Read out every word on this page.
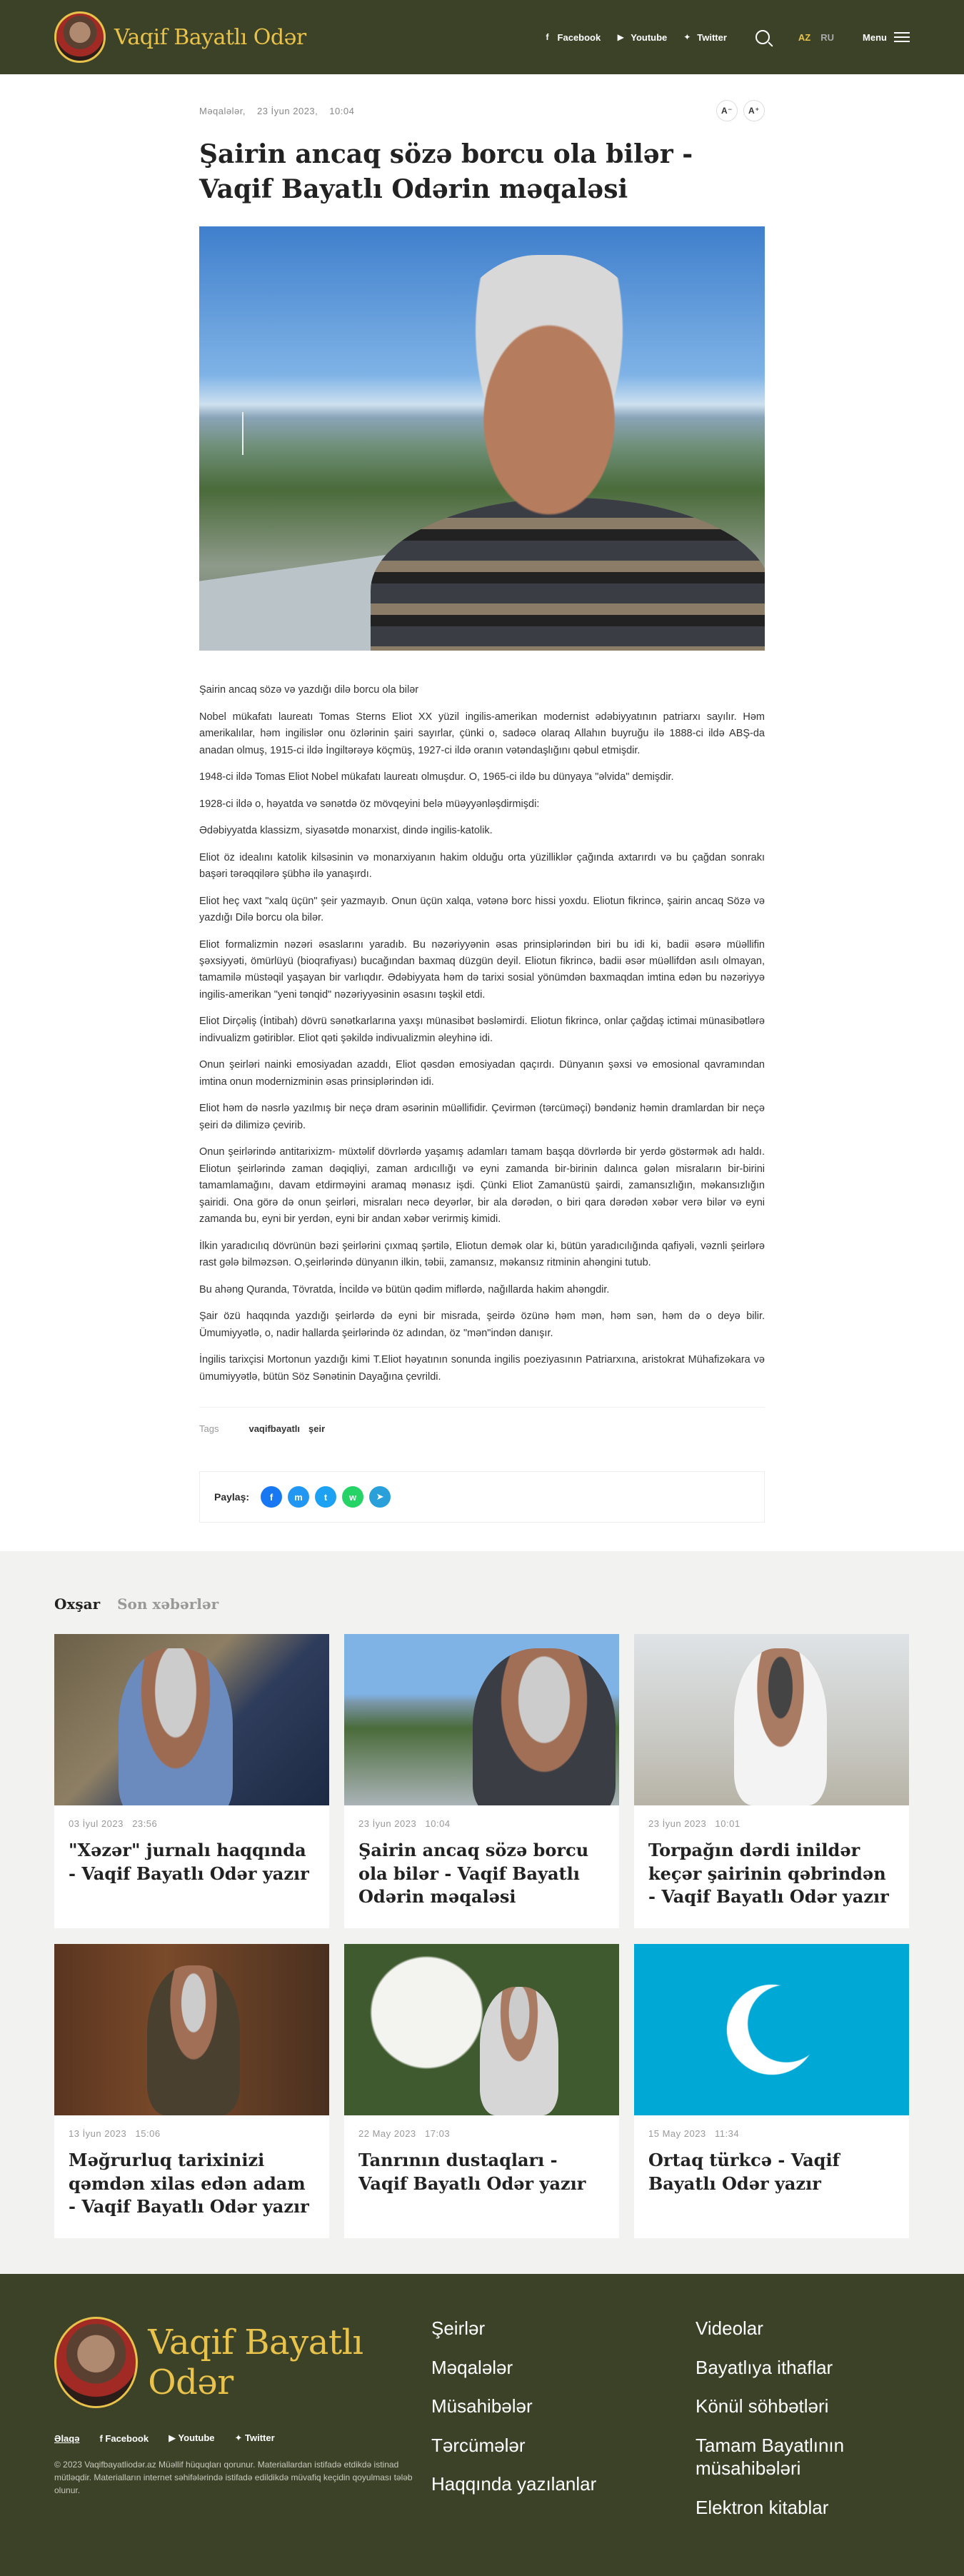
Vaqif Bayatlı Odər	f Facebook ▶ Youtube ✦ Twitter	AZ RU	Menu
Məqalələr, 23 İyun 2023, 10:04	A⁻	A⁺
Şairin ancaq sözə borcu ola bilər - Vaqif Bayatlı Odərin məqaləsi

Şairin ancaq sözə və yazdığı dilə borcu ola bilər

Nobel mükafatı laureatı Tomas Sterns Eliot XX yüzil ingilis-amerikan modernist ədəbiyyatının patriarxı sayılır. Həm amerikalılar, həm ingilislər onu özlərinin şairi sayırlar, çünki o, sadəcə olaraq Allahın buyruğu ilə 1888-ci ildə ABŞ-da anadan olmuş, 1915-ci ildə İngiltərəyə köçmüş, 1927-ci ildə oranın vətəndaşlığını qəbul etmişdir.

1948-ci ildə Tomas Eliot Nobel mükafatı laureatı olmuşdur. O, 1965-ci ildə bu dünyaya "əlvida" demişdir.

1928-ci ildə o, həyatda və sənətdə öz mövqeyini belə müəyyənləşdirmişdi:

Ədəbiyyatda klassizm, siyasətdə monarxist, dində ingilis-katolik.

Eliot öz idealını katolik kilsəsinin və monarxiyanın hakim olduğu orta yüzilliklər çağında axtarırdı və bu çağdan sonrakı başəri tərəqqilərə şübhə ilə yanaşırdı.

Eliot heç vaxt "xalq üçün" şeir yazmayıb. Onun üçün xalqa, vətənə borc hissi yoxdu. Eliotun fikrincə, şairin ancaq Sözə və yazdığı Dilə borcu ola bilər.

Eliot formalizmin nəzəri əsaslarını yaradıb. Bu nəzəriyyənin əsas prinsiplərindən biri bu idi ki, badii əsərə müəllifin şəxsiyyəti, ömürlüyü (bioqrafiyası) bucağından baxmaq düzgün deyil. Eliotun fikrincə, badii əsər müəllifdən asılı olmayan, tamamilə müstəqil yaşayan bir varlıqdır. Ədəbiyyata həm də tarixi sosial yönümdən baxmaqdan imtina edən bu nəzəriyyə ingilis-amerikan "yeni tənqid" nəzəriyyəsinin əsasını təşkil etdi.

Eliot Dirçəliş (İntibah) dövrü sənətkarlarına yaxşı münasibət bəsləmirdi. Eliotun fikrincə, onlar çağdaş ictimai münasibətlərə indivualizm gətiriblər. Eliot qəti şəkildə indivualizmin əleyhinə idi.

Onun şeirləri nainki emosiyadan azaddı, Eliot qəsdən emosiyadan qaçırdı. Dünyanın şəxsi və emosional qavramından imtina onun modernizminin əsas prinsiplərindən idi.

Eliot həm də nəsrlə yazılmış bir neçə dram əsərinin müəllifidir. Çevirmən (tərcüməçi) bəndəniz həmin dramlardan bir neçə şeiri də dilimizə çevirib.

Onun şeirlərində antitarixizm- müxtəlif dövrlərdə yaşamış adamları tamam başqa dövrlərdə bir yerdə göstərmək adı haldı. Eliotun şeirlərində zaman dəqiqliyi, zaman ardıcıllığı və eyni zamanda bir-birinin dalınca gələn misraların bir-birini tamamlamağını, davam etdirməyini aramaq mənasız işdi. Çünki Eliot Zamanüstü şairdi, zamansızlığın, məkansızlığın şairidi. Ona görə də onun şeirləri, misraları necə deyərlər, bir ala dərədən, o biri qara dərədən xəbər verə bilər və eyni zamanda bu, eyni bir yerdən, eyni bir andan xəbər verirmiş kimidi.

İlkin yaradıcılıq dövrünün bəzi şeirlərini çıxmaq şərtilə, Eliotun demək olar ki, bütün yaradıcılığında qafiyəli, vəznli şeirlərə rast gələ bilməzsən. O,şeirlərində dünyanın ilkin, təbii, zamansız, məkansız ritminin ahəngini tutub.

Bu ahəng Quranda, Tövratda, İncildə və bütün qədim miflərdə, nağıllarda hakim ahəngdir.

Şair özü haqqında yazdığı şeirlərdə də eyni bir misrada, şeirdə özünə həm mən, həm sən, həm də o deyə bilir. Ümumiyyətlə, o, nadir hallarda şeirlərində öz adından, öz "mən"indən danışır.

İngilis tarixçisi Mortonun yazdığı kimi T.Eliot həyatının sonunda ingilis poeziyasının Patriarxına, aristokrat Mühafizəkara və ümumiyyətlə, bütün Söz Sənətinin Dayağına çevrildi.

Tags	vaqifbayatlı şeir
Paylaş:	f	m	t	w	➤
Oxşar Son xəbərlər
03 İyul 2023 23:56
"Xəzər" jurnalı haqqında - Vaqif Bayatlı Odər yazır
23 İyun 2023 10:04
Şairin ancaq sözə borcu ola bilər - Vaqif Bayatlı Odərin məqaləsi
23 İyun 2023 10:01
Torpağın dərdi inildər keçər şairinin qəbrindən - Vaqif Bayatlı Odər yazır
13 İyun 2023 15:06
Məğrurluq tarixinizi qəmdən xilas edən adam - Vaqif Bayatlı Odər yazır
22 May 2023 17:03
Tanrının dustaqları - Vaqif Bayatlı Odər yazır
15 May 2023 11:34
Ortaq türkcə - Vaqif Bayatlı Odər yazır
Vaqif Bayatlı Odər
Əlaqə f Facebook ▶ Youtube ✦ Twitter
© 2023 Vaqifbayatliodər.az Müəllif hüquqları qorunur. Materiallardan istifadə etdikdə istinad mütləqdir. Materialların internet səhifələrində istifadə edildikdə müvafiq keçidin qoyulması tələb olunur.
Şeirlər
Məqalələr
Müsahibələr
Tərcümələr
Haqqında yazılanlar
Videolar
Bayatlıya ithaflar
Könül söhbətləri
Tamam Bayatlının müsahibələri
Elektron kitablar
